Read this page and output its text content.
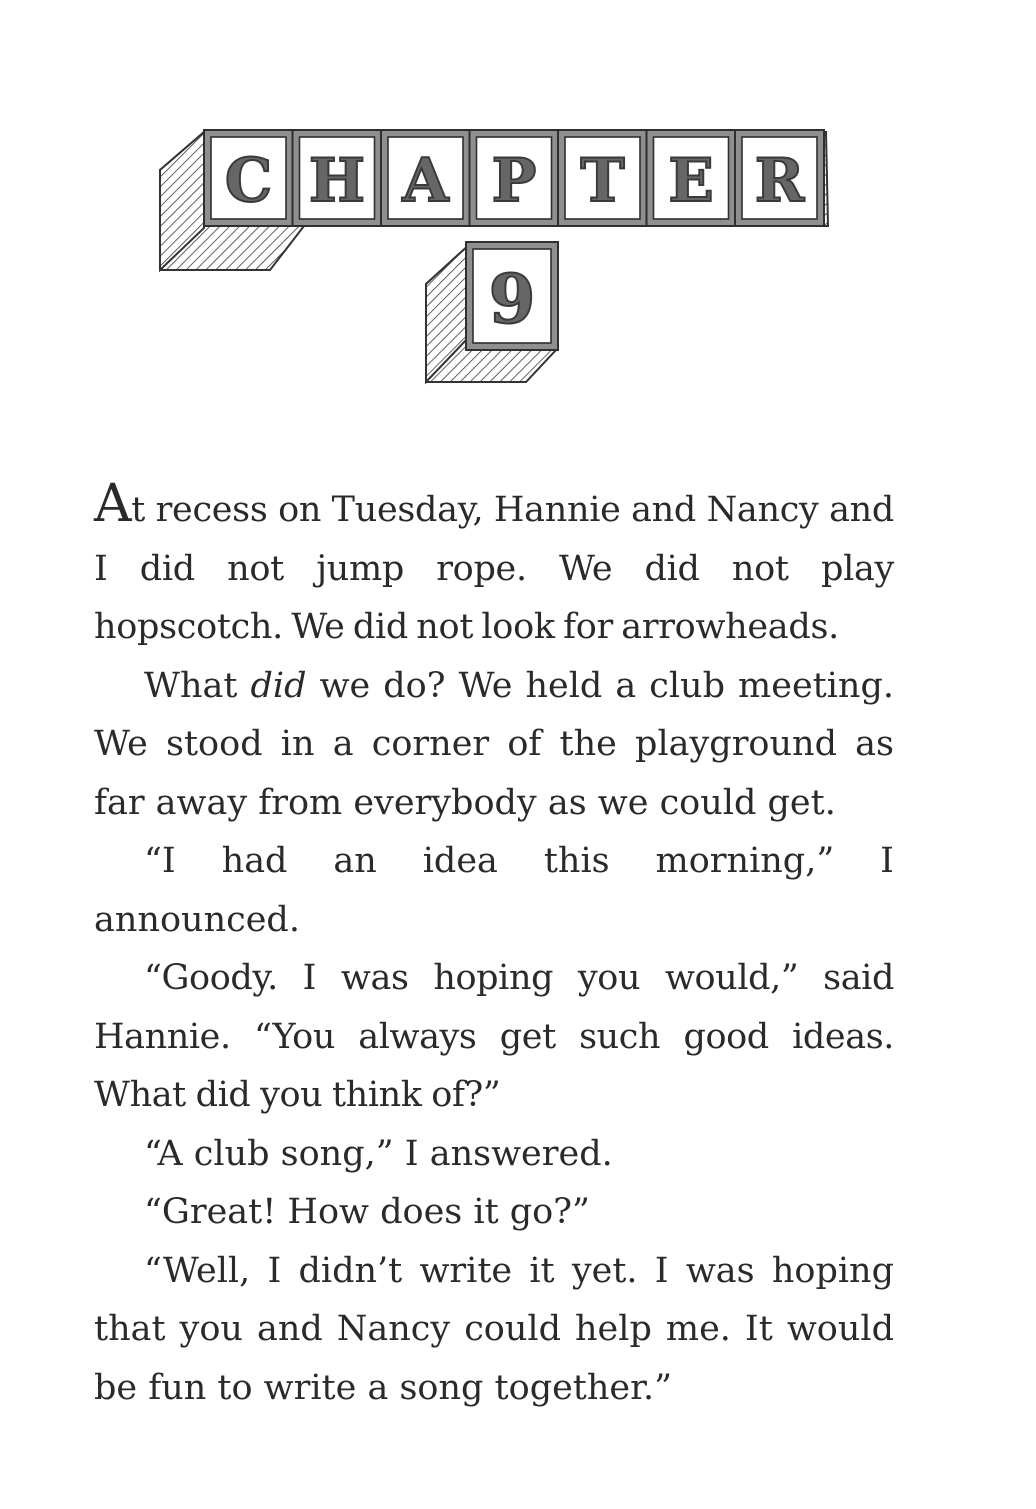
C H A P T E R
9

At recess on Tuesday, Hannie and Nancy and I did not jump rope. We did not play hopscotch. We did not look for arrowheads.

What did we do? We held a club meeting. We stood in a corner of the playground as far away from everybody as we could get.

“I had an idea this morning,” I announced.

“Goody. I was hoping you would,” said Hannie. “You always get such good ideas. What did you think of?”

“A club song,” I answered.

“Great! How does it go?”

“Well, I didn’t write it yet. I was hoping that you and Nancy could help me. It would be fun to write a song together.”
